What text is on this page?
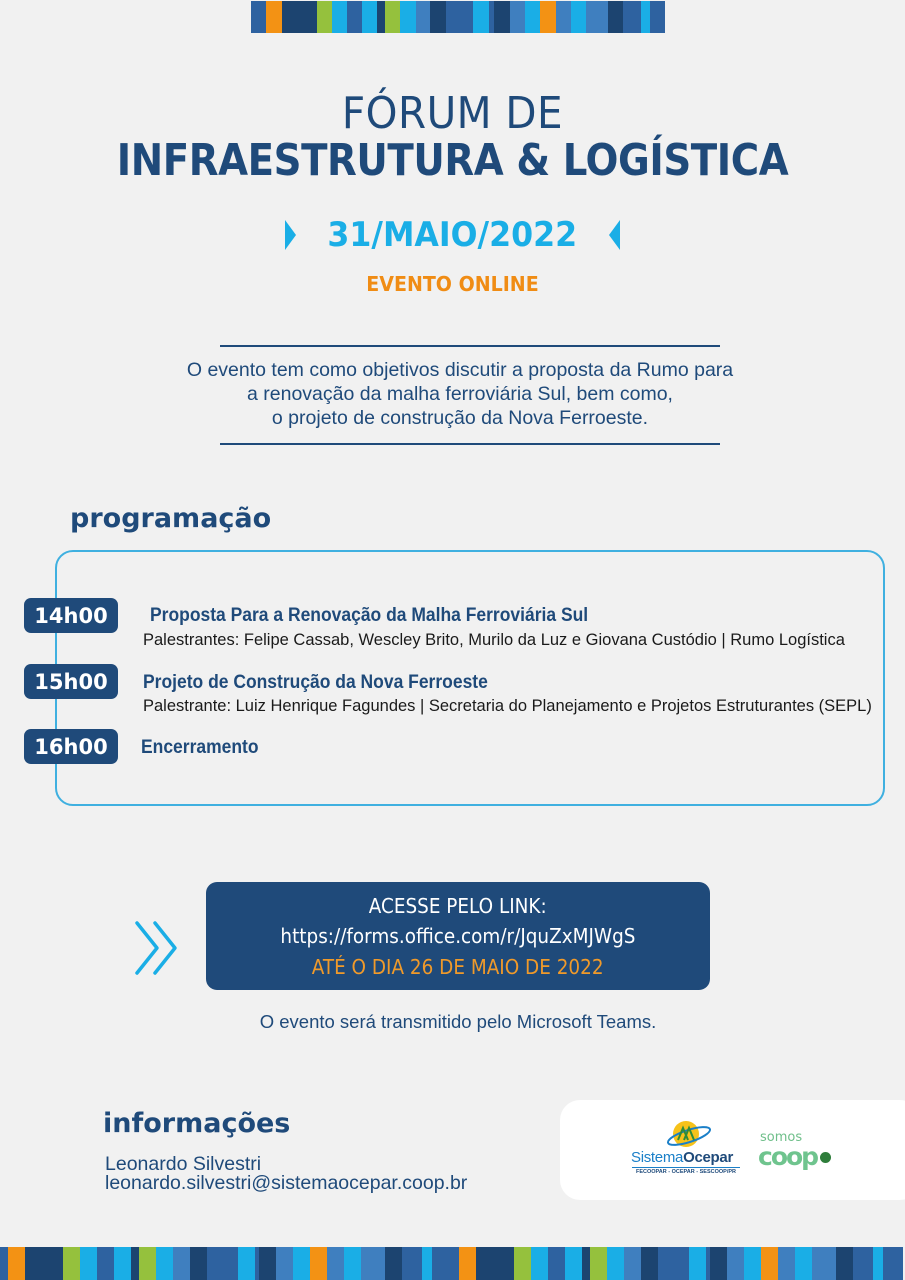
FÓRUM DE
INFRAESTRUTURA & LOGÍSTICA
31/MAIO/2022
EVENTO ONLINE
O evento tem como objetivos discutir a proposta da Rumo para
a renovação da malha ferroviária Sul, bem como,
o projeto de construção da Nova Ferroeste.
programação
14h00	Proposta Para a Renovação da Malha Ferroviária Sul
Palestrantes: Felipe Cassab, Wescley Brito, Murilo da Luz e Giovana Custódio | Rumo Logística
15h00	Projeto de Construção da Nova Ferroeste
Palestrante: Luiz Henrique Fagundes | Secretaria do Planejamento e Projetos Estruturantes (SEPL)
16h00	Encerramento
ACESSE PELO LINK:
https://forms.office.com/r/JquZxMJWgS
ATÉ O DIA 26 DE MAIO DE 2022
O evento será transmitido pelo Microsoft Teams.
informações
Leonardo Silvestri
leonardo.silvestri@sistemaocepar.coop.br
SistemaOcepar
FECOOPAR - OCEPAR - SESCOOP/PR
somos
coop
